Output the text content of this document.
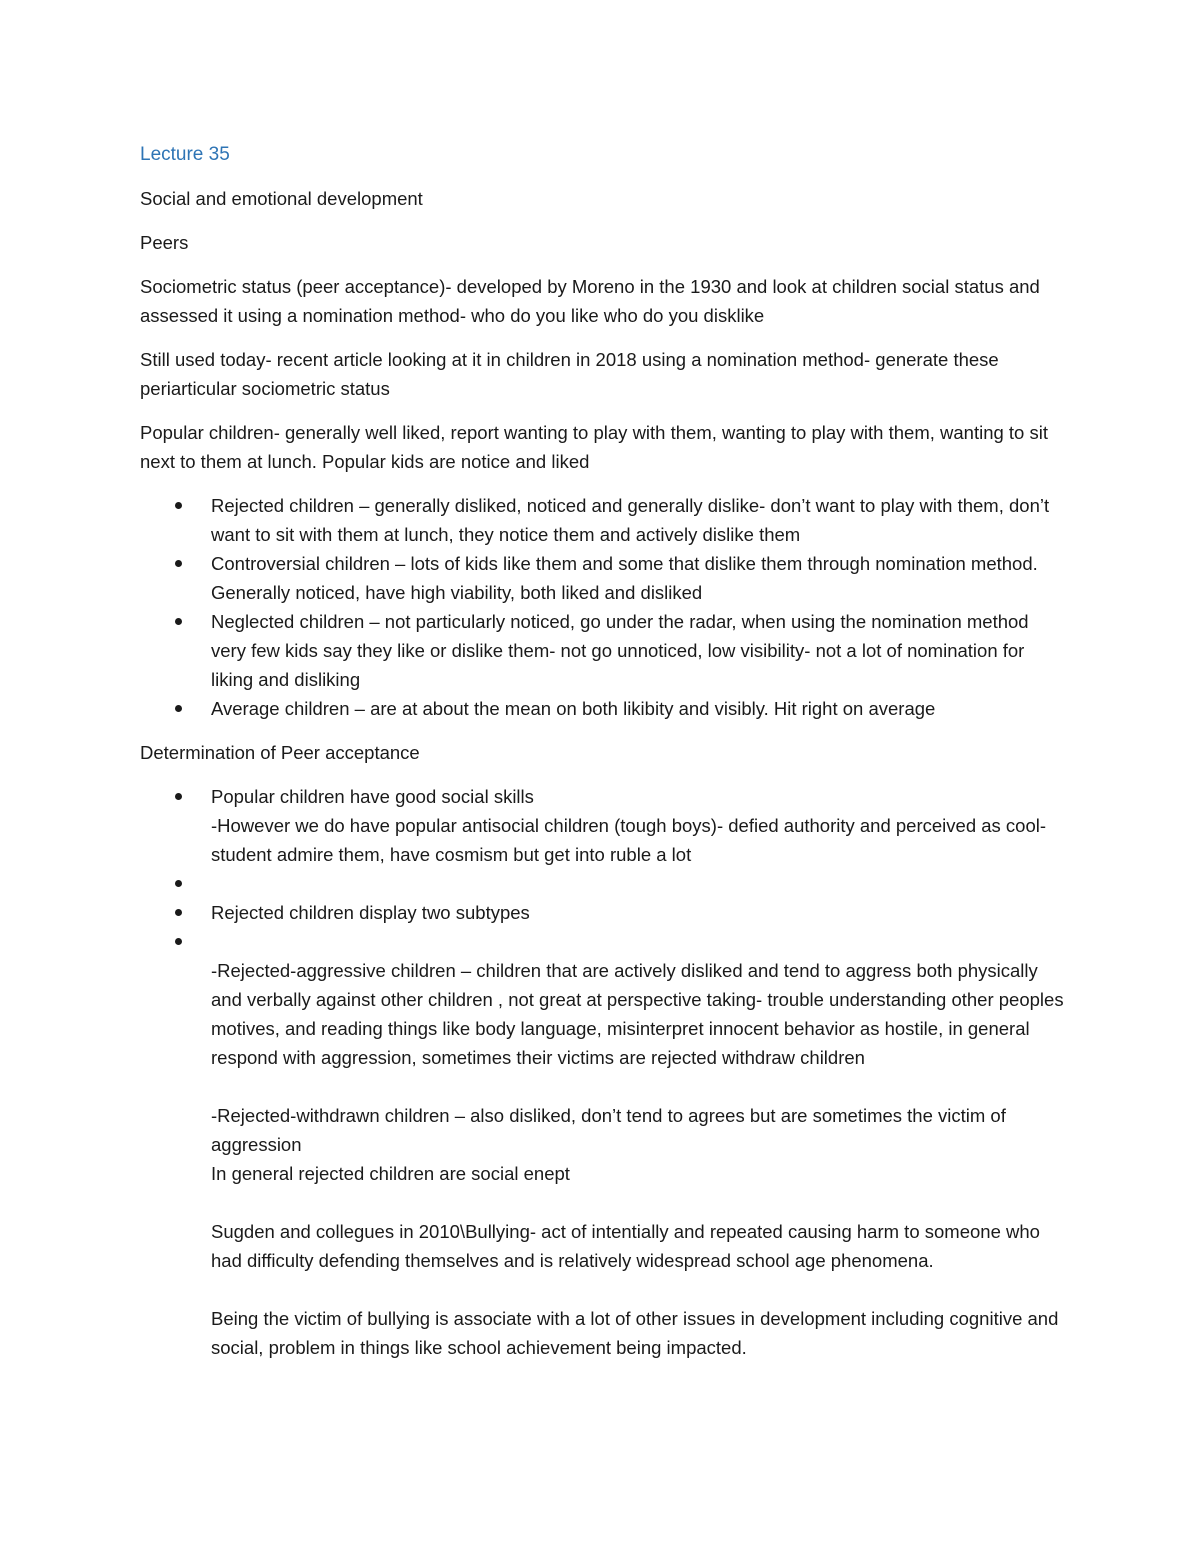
Lecture 35

Social and emotional development

Peers

Sociometric status (peer acceptance)- developed by Moreno in the 1930 and look at children social status and assessed it using a nomination method- who do you like who do you disklike

Still used today- recent article looking at it in children in 2018 using a nomination method- generate these periarticular sociometric status

Popular children- generally well liked, report wanting to play with them, wanting to play with them, wanting to sit next to them at lunch. Popular kids are notice and liked

Rejected children – generally disliked, noticed and generally dislike- don’t want to play with them, don’t want to sit with them at lunch, they notice them and actively dislike them
Controversial children – lots of kids like them and some that dislike them through nomination method. Generally noticed, have high viability, both liked and disliked
Neglected children – not particularly noticed, go under the radar, when using the nomination method very few kids say they like or dislike them- not go unnoticed, low visibility- not a lot of nomination for liking and disliking
Average children – are at about the mean on both likibity and visibly. Hit right on average

Determination of Peer acceptance

Popular children have good social skills
-However we do have popular antisocial children (tough boys)- defied authority and perceived as cool- student admire them, have cosmism but get into ruble a lot
Rejected children display two subtypes

-Rejected-aggressive children – children that are actively disliked and tend to aggress both physically and verbally against other children , not great at perspective taking- trouble understanding other peoples motives, and reading things like body language, misinterpret innocent behavior as hostile, in general respond with aggression, sometimes their victims are rejected withdraw children
-Rejected-withdrawn children – also disliked, don’t tend to agrees but are sometimes the victim of aggression
In general rejected children are social enept
Sugden and collegues in 2010\Bullying- act of intentially and repeated causing harm to someone who had difficulty defending themselves and is relatively widespread school age phenomena.
Being the victim of bullying is associate with a lot of other issues in development including cognitive and social, problem in things like school achievement being impacted.
